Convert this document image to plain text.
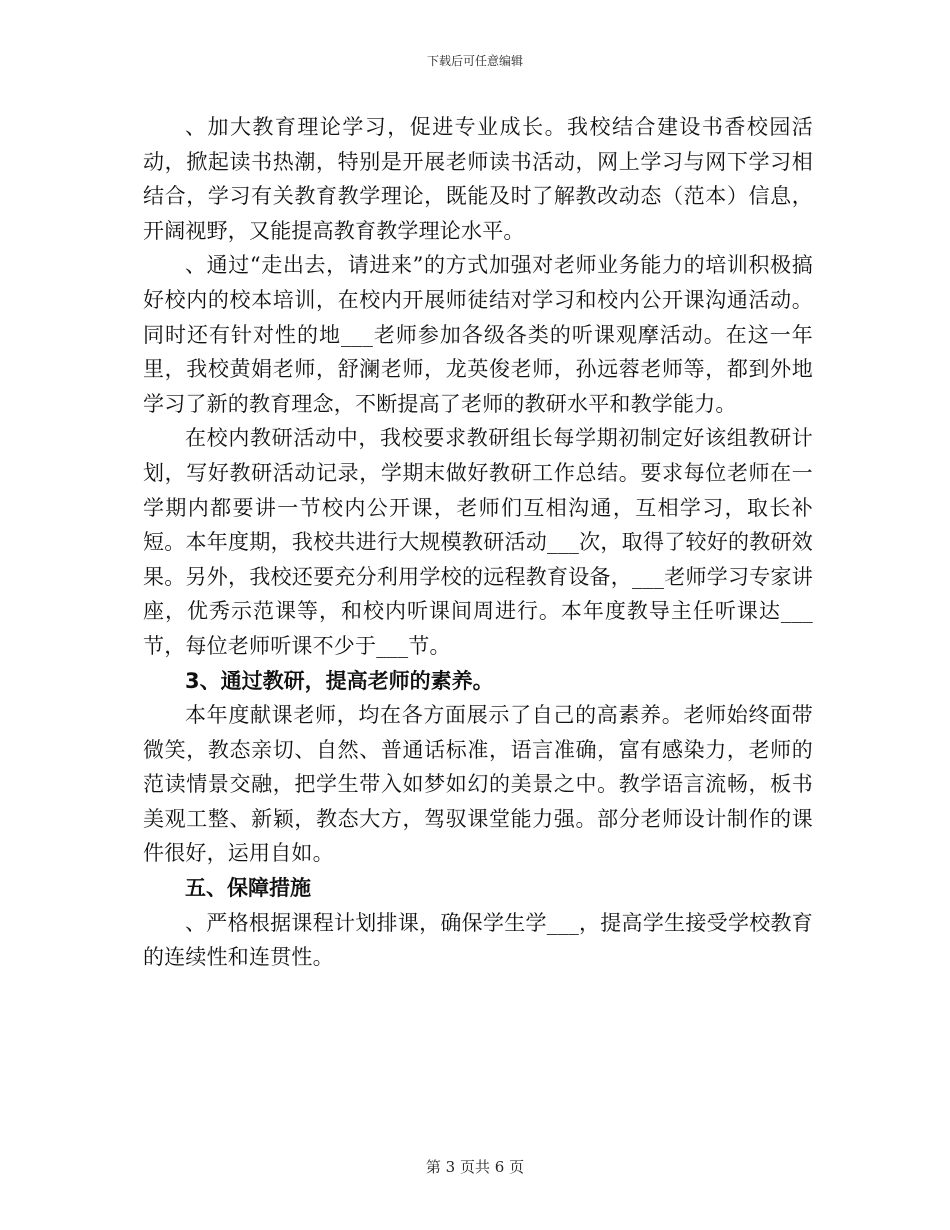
下载后可任意编辑

、加大教育理论学习，促进专业成长。我校结合建设书香校园活动，掀起读书热潮，特别是开展老师读书活动，网上学习与网下学习相结合，学习有关教育教学理论，既能及时了解教改动态（范本）信息，开阔视野，又能提高教育教学理论水平。

、通过“走出去，请进来”的方式加强对老师业务能力的培训积极搞好校内的校本培训，在校内开展师徒结对学习和校内公开课沟通活动。同时还有针对性的地___老师参加各级各类的听课观摩活动。在这一年里，我校黄娟老师，舒澜老师，龙英俊老师，孙远蓉老师等，都到外地学习了新的教育理念，不断提高了老师的教研水平和教学能力。

在校内教研活动中，我校要求教研组长每学期初制定好该组教研计划，写好教研活动记录，学期末做好教研工作总结。要求每位老师在一学期内都要讲一节校内公开课，老师们互相沟通，互相学习，取长补短。本年度期，我校共进行大规模教研活动___次，取得了较好的教研效果。另外，我校还要充分利用学校的远程教育设备，___老师学习专家讲座，优秀示范课等，和校内听课间周进行。本年度教导主任听课达___节，每位老师听课不少于___节。

3、通过教研，提高老师的素养。

本年度献课老师，均在各方面展示了自己的高素养。老师始终面带微笑，教态亲切、自然、普通话标准，语言准确，富有感染力，老师的范读情景交融，把学生带入如梦如幻的美景之中。教学语言流畅，板书美观工整、新颖，教态大方，驾驭课堂能力强。部分老师设计制作的课件很好，运用自如。

五、保障措施

、严格根据课程计划排课，确保学生学___，提高学生接受学校教育的连续性和连贯性。

第 3 页共 6 页
